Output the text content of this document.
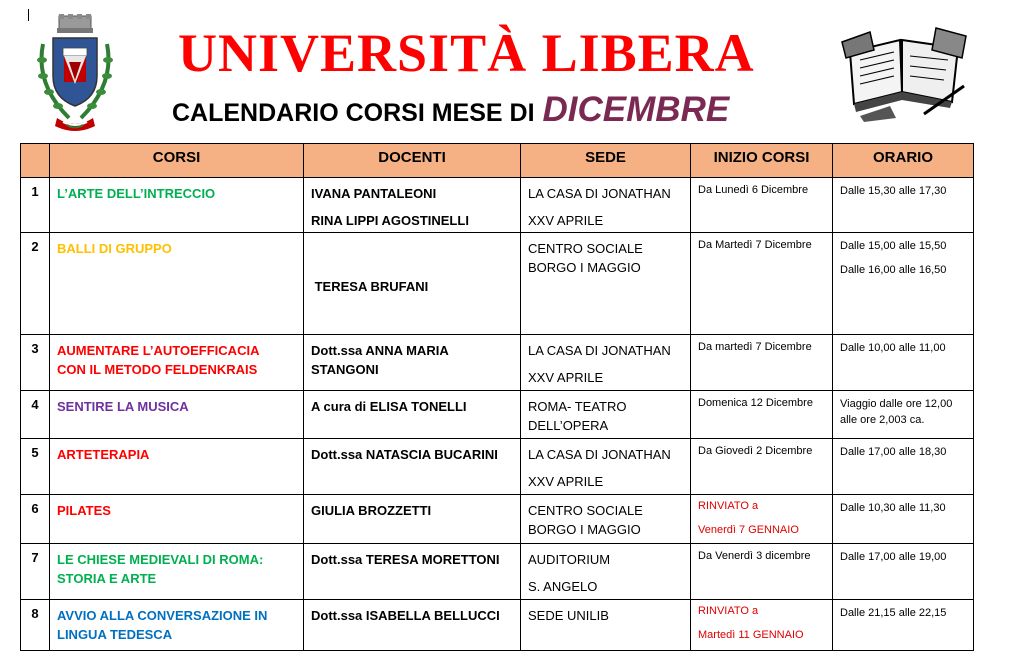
UNIVERSITÀ LIBERA
CALENDARIO CORSI MESE DI DICEMBRE
	CORSI	DOCENTI	SEDE	INIZIO CORSI	ORARIO
1	L’ARTE DELL’INTRECCIO	IVANA PANTALEONI
RINA LIPPI AGOSTINELLI	LA CASA DI JONATHAN
XXV APRILE	Da Lunedì 6 Dicembre	Dalle 15,30 alle 17,30

2	BALLI DI GRUPPO	TERESA BRUFANI	CENTRO SOCIALE
BORGO I MAGGIO	Da Martedì 7 Dicembre	Dalle 15,00 alle 15,50
Dalle 16,00 alle 16,50

3	AUMENTARE L’AUTOEFFICACIA
CON IL METODO FELDENKRAIS	Dott.ssa ANNA MARIA
STANGONI	LA CASA DI JONATHAN
XXV APRILE	Da martedì 7 Dicembre	Dalle 10,00 alle 11,00

4	SENTIRE LA MUSICA	A cura di ELISA TONELLI	ROMA- TEATRO
DELL’OPERA	Domenica 12 Dicembre	Viaggio dalle ore 12,00
alle ore 2,003 ca.

5	ARTETERAPIA	Dott.ssa NATASCIA BUCARINI	LA CASA DI JONATHAN
XXV APRILE	Da Giovedì 2 Dicembre	Dalle 17,00 alle 18,30

6	PILATES	GIULIA BROZZETTI	CENTRO SOCIALE
BORGO I MAGGIO	RINVIATO a
Venerdì 7 GENNAIO	Dalle 10,30 alle 11,30

7	LE CHIESE MEDIEVALI DI ROMA:
STORIA E ARTE	Dott.ssa TERESA MORETTONI	AUDITORIUM
S. ANGELO	Da Venerdì 3 dicembre	Dalle 17,00 alle 19,00

8	AVVIO ALLA CONVERSAZIONE IN
LINGUA TEDESCA	Dott.ssa ISABELLA BELLUCCI	SEDE UNILIB	RINVIATO a
Martedì 11 GENNAIO	Dalle 21,15 alle 22,15
